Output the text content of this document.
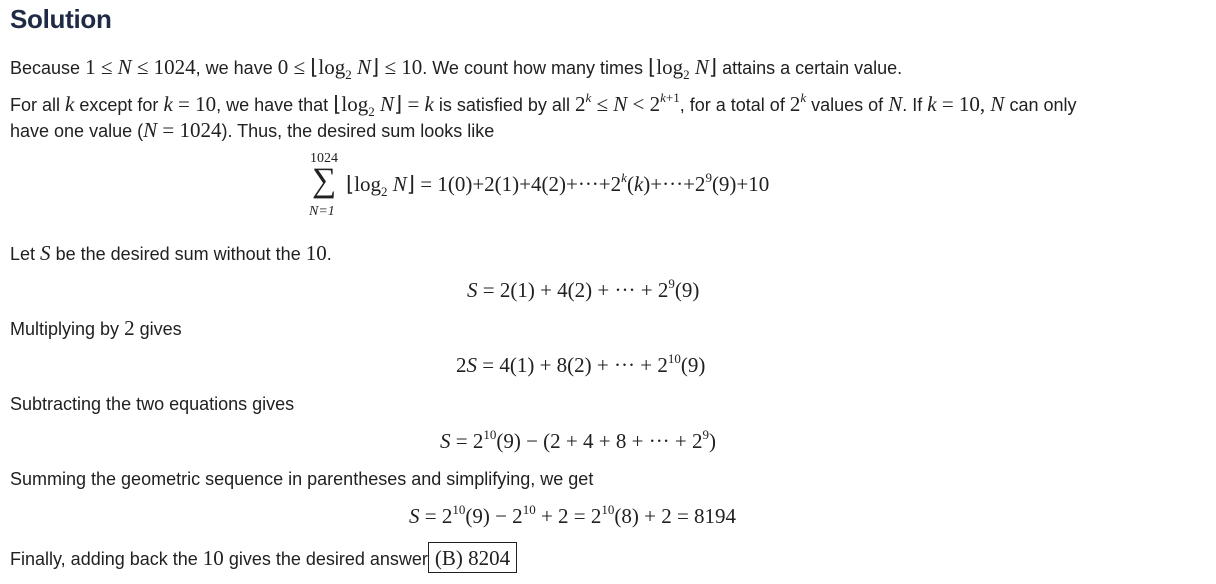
Solution
Because 1 ≤ N ≤ 1024, we have $0 \le ⌊\log_2$ N⌋ ≤ 10. We count how many times $⌊\log_2$ N⌋ attains a certain value.
For all k except for k = 10, we have that $⌊\log_2$ N⌋ = k is satisfied by all $2^k \le N < 2^{k+1}$, for a total of 2$^k$ values of N. If k = 10, N can only
have one value (N = 1024). Thus, the desired sum looks like
1024
∑
N=1
$⌊\log_2$ N⌋ = $1(0)+2(1)+4(2)+\cdot\cdot\cdot+2^k(k)+\cdot\cdot\cdot+2^9(9)+10$
Let S be the desired sum without the 10.
S = 2(1) + 4(2) + ··· + $2^9(9)$
Multiplying by 2 gives
2S = 4(1) + 8(2) + ··· + $2^{10}(9)$
Subtracting the two equations gives
$S = 2^{10}(9) - (2 + 4 + 8$ + ··· + $2^9$)
Summing the geometric sequence in parentheses and simplifying, we get
$S = 2^{10}(9) - 2^{10} + 2 = 2^{10}(8) + 2 = 8194$
Finally, adding back the 10 gives the desired answer (B) 8204
